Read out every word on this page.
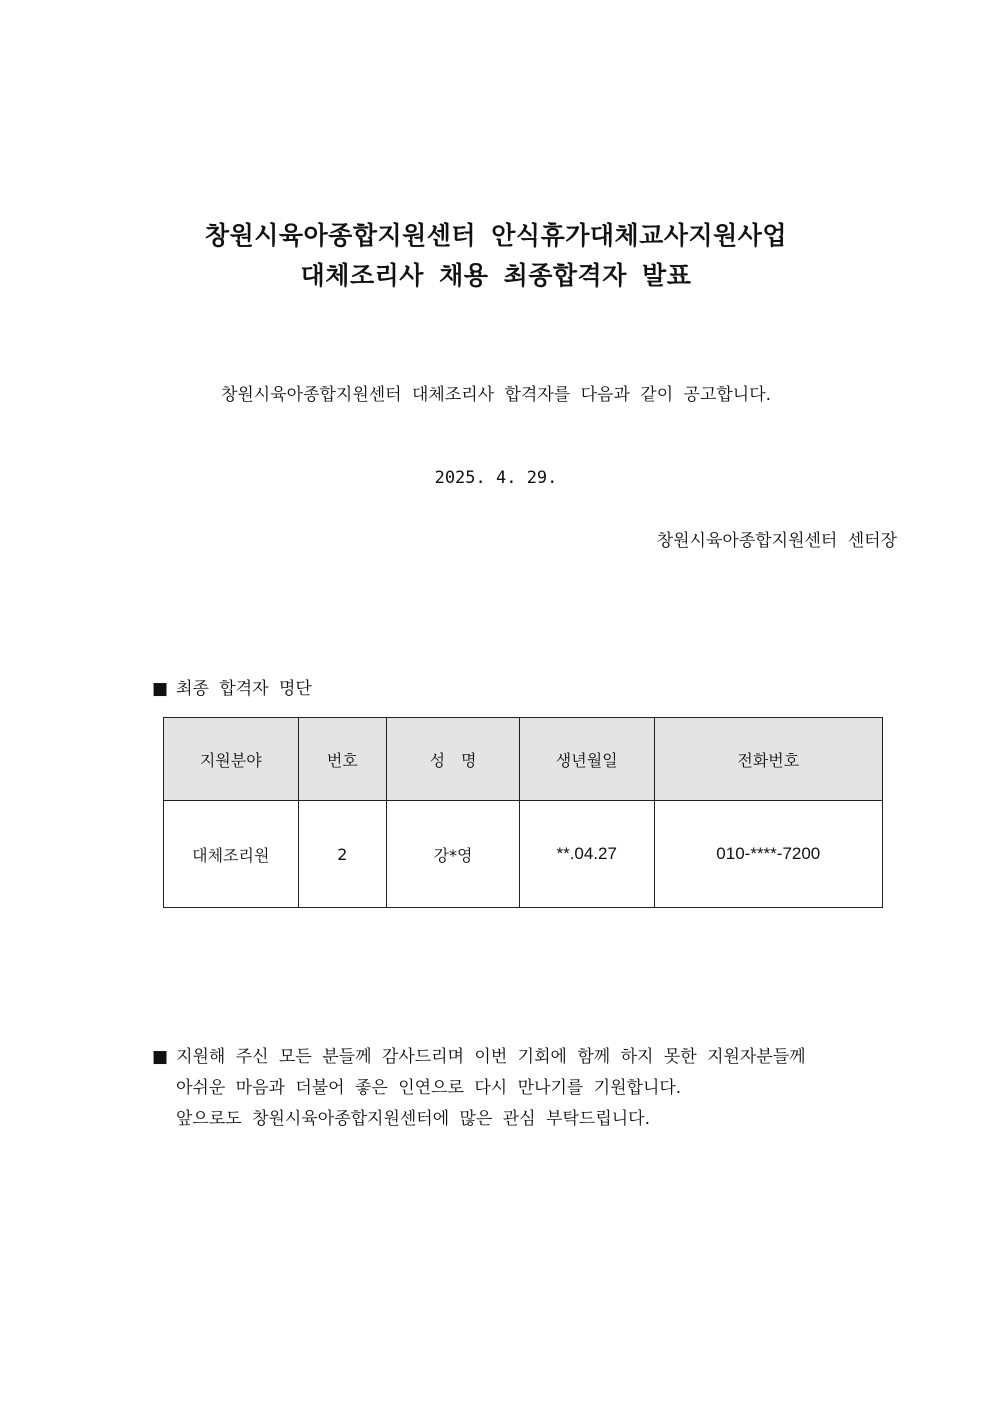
창원시육아종합지원센터 안식휴가대체교사지원사업
대체조리사 채용 최종합격자 발표
창원시육아종합지원센터 대체조리사 합격자를 다음과 같이 공고합니다.
2025. 4. 29.
창원시육아종합지원센터 센터장
■ 최종 합격자 명단
지원분야	번호	성　명	생년월일	전화번호
대체조리원	2	강*영	**.04.27	010-****-7200
■ 지원해 주신 모든 분들께 감사드리며 이번 기회에 함께 하지 못한 지원자분들께
아쉬운 마음과 더불어 좋은 인연으로 다시 만나기를 기원합니다.
앞으로도 창원시육아종합지원센터에 많은 관심 부탁드립니다.
